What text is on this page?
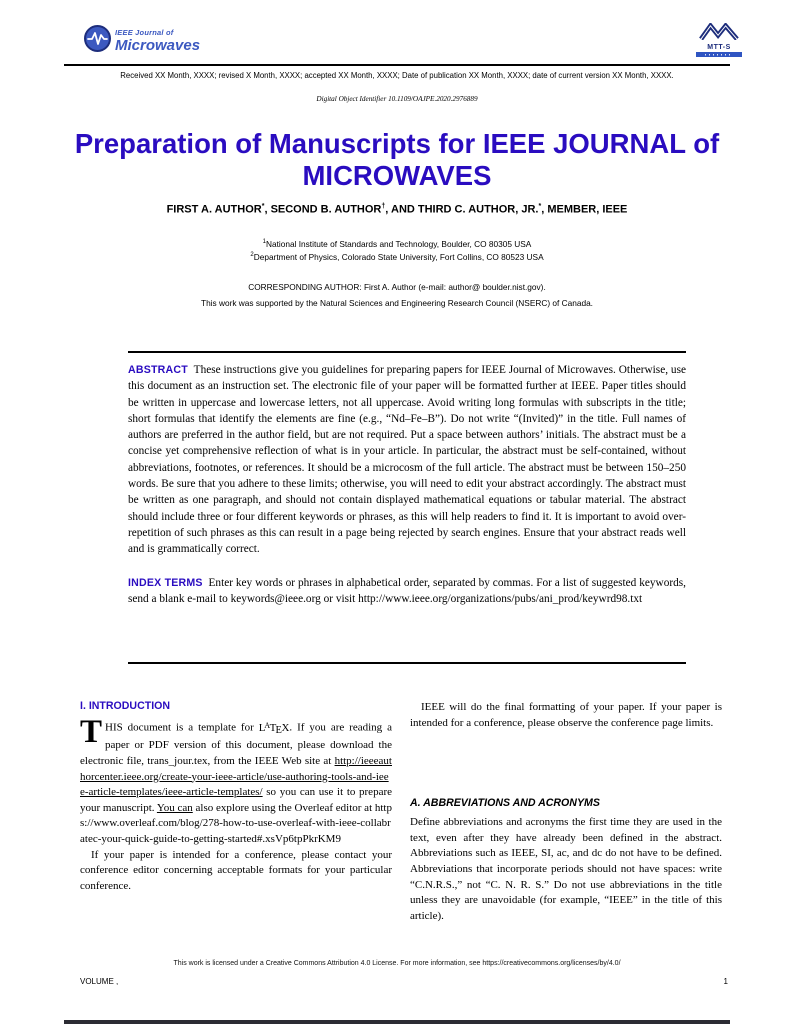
IEEE Journal of
Microwaves	MTT-S
Received XX Month, XXXX; revised X Month, XXXX; accepted XX Month, XXXX; Date of publication XX Month, XXXX; date of current version XX Month, XXXX.
Digital Object Identifier 10.1109/OAJPE.2020.2976889
Preparation of Manuscripts for IEEE JOURNAL of MICROWAVES
FIRST A. AUTHOR*, SECOND B. AUTHOR†, AND THIRD C. AUTHOR, JR.*, MEMBER, IEEE
$^1$National Institute of Standards and Technology, Boulder, CO 80305 USA
$^2$Department of Physics, Colorado State University, Fort Collins, CO 80523 USA
CORRESPONDING AUTHOR: First A. Author (e-mail: author@ boulder.nist.gov).
This work was supported by the Natural Sciences and Engineering Research Council (NSERC) of Canada.

ABSTRACT These instructions give you guidelines for preparing papers for IEEE Journal of Microwaves. Otherwise, use this document as an instruction set. The electronic file of your paper will be formatted further at IEEE. Paper titles should be written in uppercase and lowercase letters, not all uppercase. Avoid writing long formulas with subscripts in the title; short formulas that identify the elements are fine (e.g., “Nd–Fe–B”). Do not write “(Invited)” in the title. Full names of authors are preferred in the author field, but are not required. Put a space between authors’ initials. The abstract must be a concise yet comprehensive reflection of what is in your article. In particular, the abstract must be self-contained, without abbreviations, footnotes, or references. It should be a microcosm of the full article. The abstract must be between 150–250 words. Be sure that you adhere to these limits; otherwise, you will need to edit your abstract accordingly. The abstract must be written as one paragraph, and should not contain displayed mathematical equations or tabular material. The abstract should include three or four different keywords or phrases, as this will help readers to find it. It is important to avoid over-repetition of such phrases as this can result in a page being rejected by search engines. Ensure that your abstract reads well and is grammatically correct.

INDEX TERMS Enter key words or phrases in alphabetical order, separated by commas. For a list of suggested keywords, send a blank e-mail to keywords@ieee.org or visit http://www.ieee.org/organizations/pubs/ani_prod/keywrd98.txt

I. INTRODUCTION

THIS document is a template for $L^ATEX$. If you are reading a paper or PDF version of this document, please download the electronic file, trans_jour.tex, from the IEEE Web site at http://ieeeauthorcenter.ieee.org/create-your-ieee-article/use-authoring-tools-and-ieee-article-templates/ieee-article-templates/ so you can use it to prepare your manuscript. You can also explore using the Overleaf editor at https://www.overleaf.com/blog/278-how-to-use-overleaf-with-ieee-collabratec-your-quick-guide-to-getting-started#.xsVp6tpPkrKM9

If your paper is intended for a conference, please contact your conference editor concerning acceptable formats for your particular conference.

IEEE will do the final formatting of your paper. If your paper is intended for a conference, please observe the conference page limits.

A. ABBREVIATIONS AND ACRONYMS

Define abbreviations and acronyms the first time they are used in the text, even after they have already been defined in the abstract. Abbreviations such as IEEE, SI, ac, and dc do not have to be defined. Abbreviations that incorporate periods should not have spaces: write “C.N.R.S.,” not “C. N. R. S.” Do not use abbreviations in the title unless they are unavoidable (for example, “IEEE” in the title of this article).

This work is licensed under a Creative Commons Attribution 4.0 License. For more information, see https://creativecommons.org/licenses/by/4.0/
VOLUME ,	1
